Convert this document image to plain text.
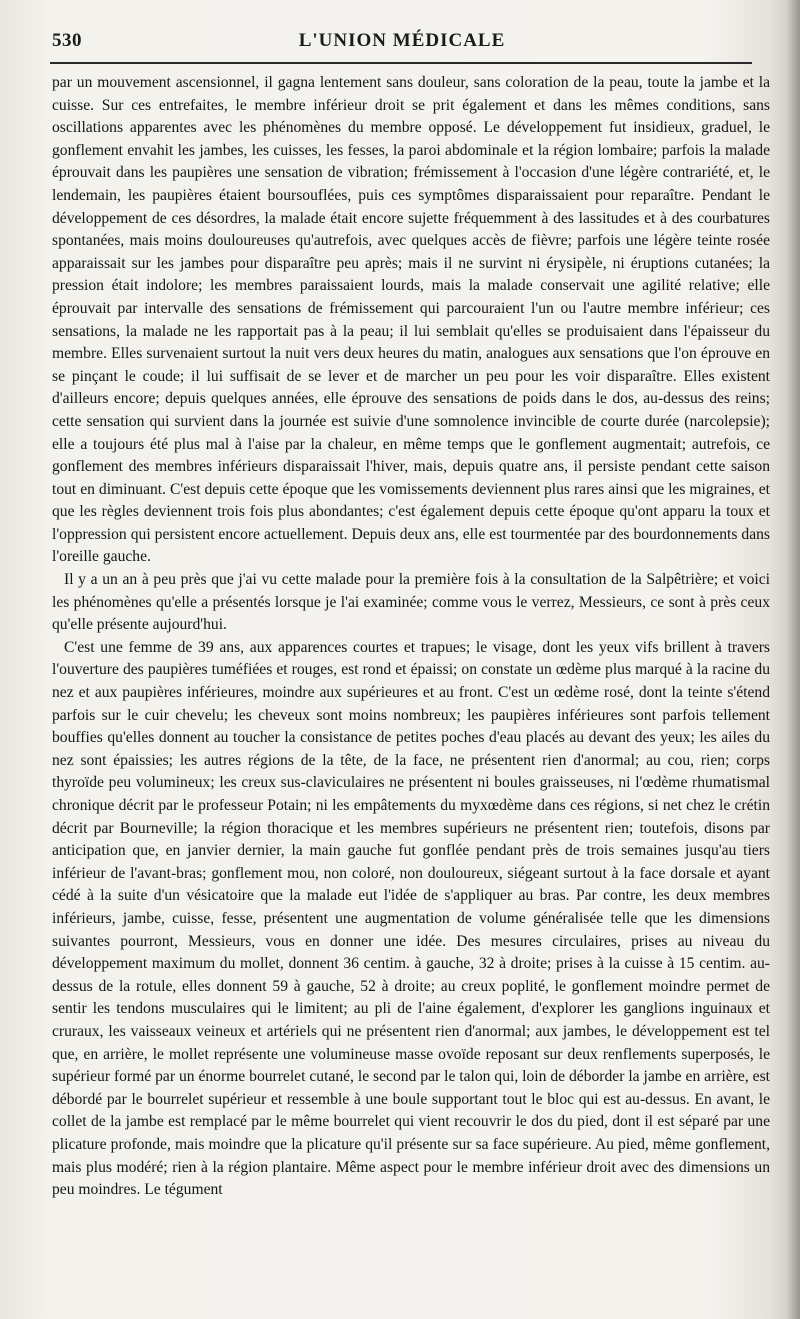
530	L'UNION MÉDICALE

par un mouvement ascensionnel, il gagna lentement sans douleur, sans coloration de la peau, toute la jambe et la cuisse. Sur ces entrefaites, le membre inférieur droit se prit également et dans les mêmes conditions, sans oscillations apparentes avec les phénomènes du membre opposé. Le développement fut insidieux, graduel, le gonflement envahit les jambes, les cuisses, les fesses, la paroi abdominale et la région lombaire; parfois la malade éprouvait dans les paupières une sensation de vibration; frémissement à l'occasion d'une légère contrariété, et, le lendemain, les paupières étaient boursouflées, puis ces symptômes disparaissaient pour reparaître. Pendant le développement de ces désordres, la malade était encore sujette fréquemment à des lassitudes et à des courbatures spontanées, mais moins douloureuses qu'autrefois, avec quelques accès de fièvre; parfois une légère teinte rosée apparaissait sur les jambes pour disparaître peu après; mais il ne survint ni érysipèle, ni éruptions cutanées; la pression était indolore; les membres paraissaient lourds, mais la malade conservait une agilité relative; elle éprouvait par intervalle des sensations de frémissement qui parcouraient l'un ou l'autre membre inférieur; ces sensations, la malade ne les rapportait pas à la peau; il lui semblait qu'elles se produisaient dans l'épaisseur du membre. Elles survenaient surtout la nuit vers deux heures du matin, analogues aux sensations que l'on éprouve en se pinçant le coude; il lui suffisait de se lever et de marcher un peu pour les voir disparaître. Elles existent d'ailleurs encore; depuis quelques années, elle éprouve des sensations de poids dans le dos, au-dessus des reins; cette sensation qui survient dans la journée est suivie d'une somnolence invincible de courte durée (narcolepsie); elle a toujours été plus mal à l'aise par la chaleur, en même temps que le gonflement augmentait; autrefois, ce gonflement des membres inférieurs disparaissait l'hiver, mais, depuis quatre ans, il persiste pendant cette saison tout en diminuant. C'est depuis cette époque que les vomissements deviennent plus rares ainsi que les migraines, et que les règles deviennent trois fois plus abondantes; c'est également depuis cette époque qu'ont apparu la toux et l'oppression qui persistent encore actuellement. Depuis deux ans, elle est tourmentée par des bourdonnements dans l'oreille gauche.

Il y a un an à peu près que j'ai vu cette malade pour la première fois à la consultation de la Salpêtrière; et voici les phénomènes qu'elle a présentés lorsque je l'ai examinée; comme vous le verrez, Messieurs, ce sont à près ceux qu'elle présente aujourd'hui.

C'est une femme de 39 ans, aux apparences courtes et trapues; le visage, dont les yeux vifs brillent à travers l'ouverture des paupières tuméfiées et rouges, est rond et épaissi; on constate un œdème plus marqué à la racine du nez et aux paupières inférieures, moindre aux supérieures et au front. C'est un œdème rosé, dont la teinte s'étend parfois sur le cuir chevelu; les cheveux sont moins nombreux; les paupières inférieures sont parfois tellement bouffies qu'elles donnent au toucher la consistance de petites poches d'eau placés au devant des yeux; les ailes du nez sont épaissies; les autres régions de la tête, de la face, ne présentent rien d'anormal; au cou, rien; corps thyroïde peu volumineux; les creux sus-claviculaires ne présentent ni boules graisseuses, ni l'œdème rhumatismal chronique décrit par le professeur Potain; ni les empâtements du myxœdème dans ces régions, si net chez le crétin décrit par Bourneville; la région thoracique et les membres supérieurs ne présentent rien; toutefois, disons par anticipation que, en janvier dernier, la main gauche fut gonflée pendant près de trois semaines jusqu'au tiers inférieur de l'avant-bras; gonflement mou, non coloré, non douloureux, siégeant surtout à la face dorsale et ayant cédé à la suite d'un vésicatoire que la malade eut l'idée de s'appliquer au bras. Par contre, les deux membres inférieurs, jambe, cuisse, fesse, présentent une augmentation de volume généralisée telle que les dimensions suivantes pourront, Messieurs, vous en donner une idée. Des mesures circulaires, prises au niveau du développement maximum du mollet, donnent 36 centim. à gauche, 32 à droite; prises à la cuisse à 15 centim. au-dessus de la rotule, elles donnent 59 à gauche, 52 à droite; au creux poplité, le gonflement moindre permet de sentir les tendons musculaires qui le limitent; au pli de l'aine également, d'explorer les ganglions inguinaux et cruraux, les vaisseaux veineux et artériels qui ne présentent rien d'anormal; aux jambes, le développement est tel que, en arrière, le mollet représente une volumineuse masse ovoïde reposant sur deux renflements superposés, le supérieur formé par un énorme bourrelet cutané, le second par le talon qui, loin de déborder la jambe en arrière, est débordé par le bourrelet supérieur et ressemble à une boule supportant tout le bloc qui est au-dessus. En avant, le collet de la jambe est remplacé par le même bourrelet qui vient recouvrir le dos du pied, dont il est séparé par une plicature profonde, mais moindre que la plicature qu'il présente sur sa face supérieure. Au pied, même gonflement, mais plus modéré; rien à la région plantaire. Même aspect pour le membre inférieur droit avec des dimensions un peu moindres. Le tégument
